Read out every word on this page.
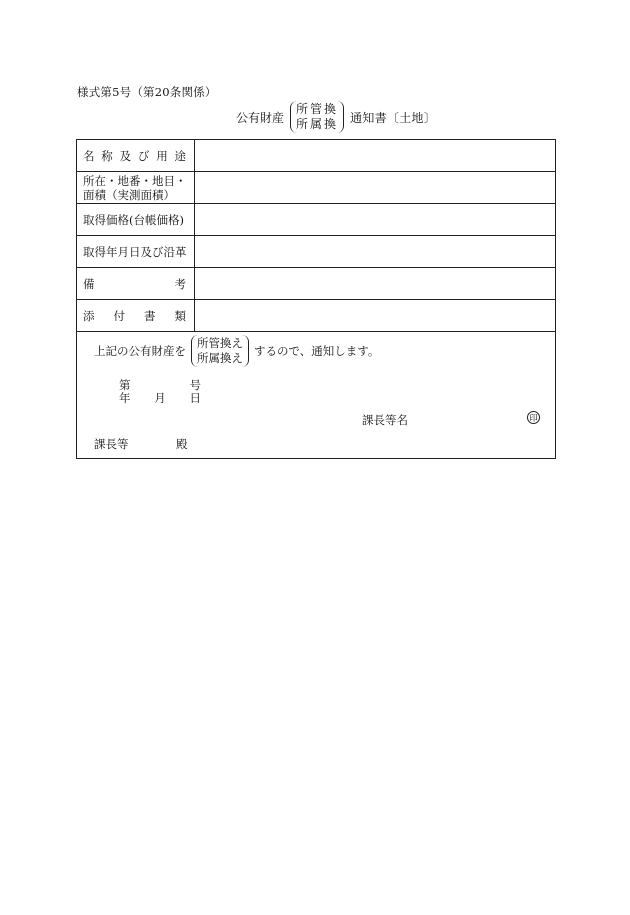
様式第5号（第20条関係）
公有財産
所管換
所属換 通知書〔土地〕
名 称 及 び 用 途
所在・地番・地目・
面積（実測面積）
取得価格(台帳価格)
取得年月日及び沿革
備	考
添 付 書 類
上記の公有財産を
所管換え
所属換え するので、通知します。
第	号
年 月 日
課長等名	印
課長等	殿
